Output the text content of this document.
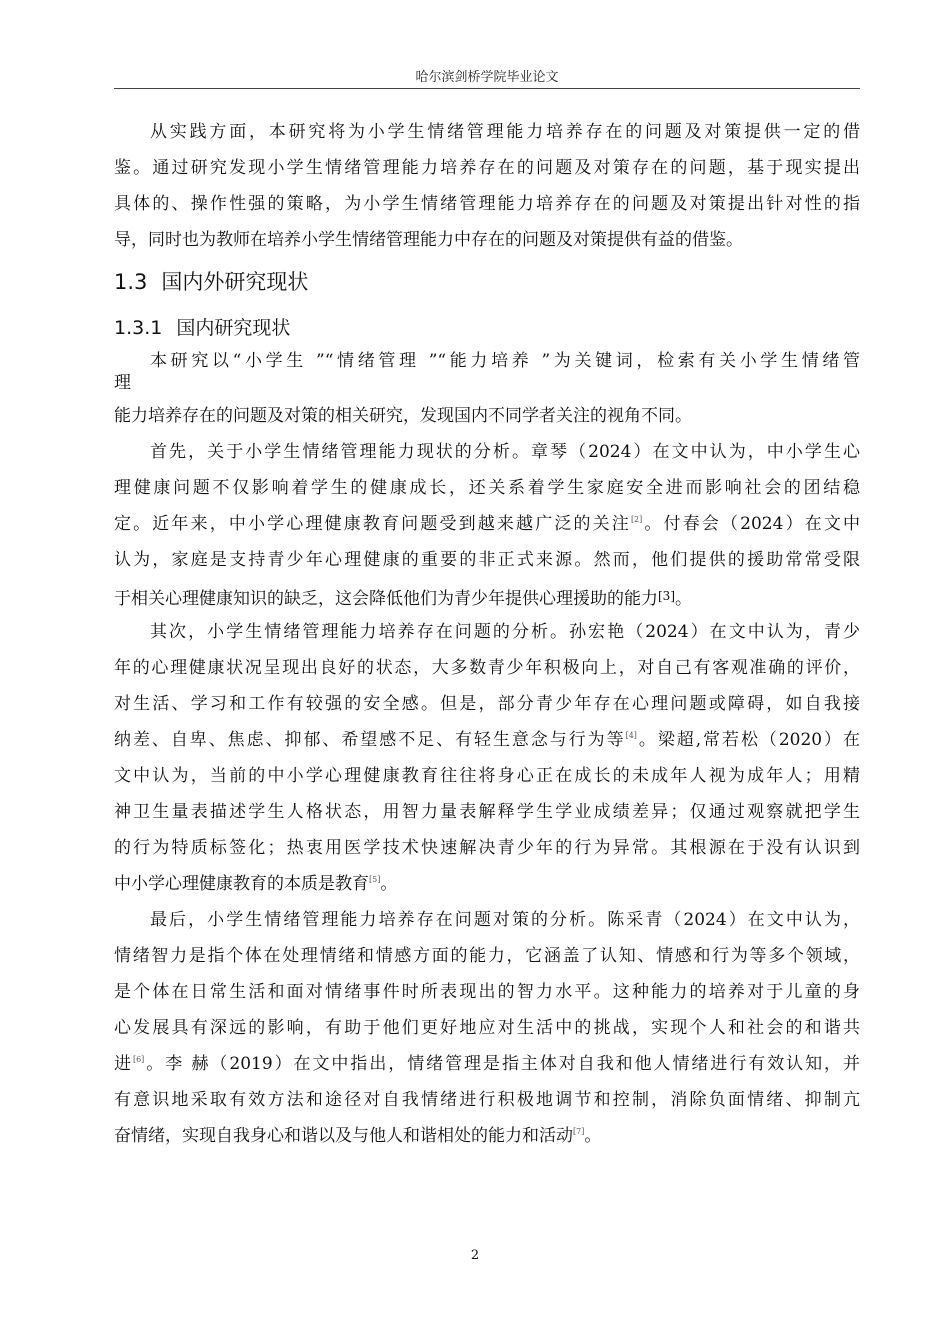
哈尔滨剑桥学院毕业论文
从实践方面，本研究将为小学生情绪管理能力培养存在的问题及对策提供一定的借
鉴。通过研究发现小学生情绪管理能力培养存在的问题及对策存在的问题，基于现实提出
具体的、操作性强的策略，为小学生情绪管理能力培养存在的问题及对策提出针对性的指
导，同时也为教师在培养小学生情绪管理能力中存在的问题及对策提供有益的借鉴。
1.3 国内外研究现状
1.3.1 国内研究现状
本研究以“小学生 ”“情绪管理 ”“能力培养 ”为关键词，检索有关小学生情绪管
理
能力培养存在的问题及对策的相关研究，发现国内不同学者关注的视角不同。
首先，关于小学生情绪管理能力现状的分析。章琴（2024）在文中认为，中小学生心
理健康问题不仅影响着学生的健康成长，还关系着学生家庭安全进而影响社会的团结稳
定。近年来，中小学心理健康教育问题受到越来越广泛的关注[2]。付春会（2024）在文中
认为，家庭是支持青少年心理健康的重要的非正式来源。然而，他们提供的援助常常受限
于相关心理健康知识的缺乏，这会降低他们为青少年提供心理援助的能力[3]。
其次，小学生情绪管理能力培养存在问题的分析。孙宏艳（2024）在文中认为，青少
年的心理健康状况呈现出良好的状态，大多数青少年积极向上，对自己有客观准确的评价，
对生活、学习和工作有较强的安全感。但是，部分青少年存在心理问题或障碍，如自我接
纳差、自卑、焦虑、抑郁、希望感不足、有轻生意念与行为等[4]。梁超,常若松（2020）在
文中认为，当前的中小学心理健康教育往往将身心正在成长的未成年人视为成年人；用精
神卫生量表描述学生人格状态，用智力量表解释学生学业成绩差异；仅通过观察就把学生
的行为特质标签化；热衷用医学技术快速解决青少年的行为异常。其根源在于没有认识到
中小学心理健康教育的本质是教育[5]。
最后，小学生情绪管理能力培养存在问题对策的分析。陈采青（2024）在文中认为，
情绪智力是指个体在处理情绪和情感方面的能力，它涵盖了认知、情感和行为等多个领域，
是个体在日常生活和面对情绪事件时所表现出的智力水平。这种能力的培养对于儿童的身
心发展具有深远的影响，有助于他们更好地应对生活中的挑战，实现个人和社会的和谐共
进[6]。李 赫（2019）在文中指出，情绪管理是指主体对自我和他人情绪进行有效认知，并
有意识地采取有效方法和途径对自我情绪进行积极地调节和控制，消除负面情绪、抑制亢
奋情绪，实现自我身心和谐以及与他人和谐相处的能力和活动[7]。
2
